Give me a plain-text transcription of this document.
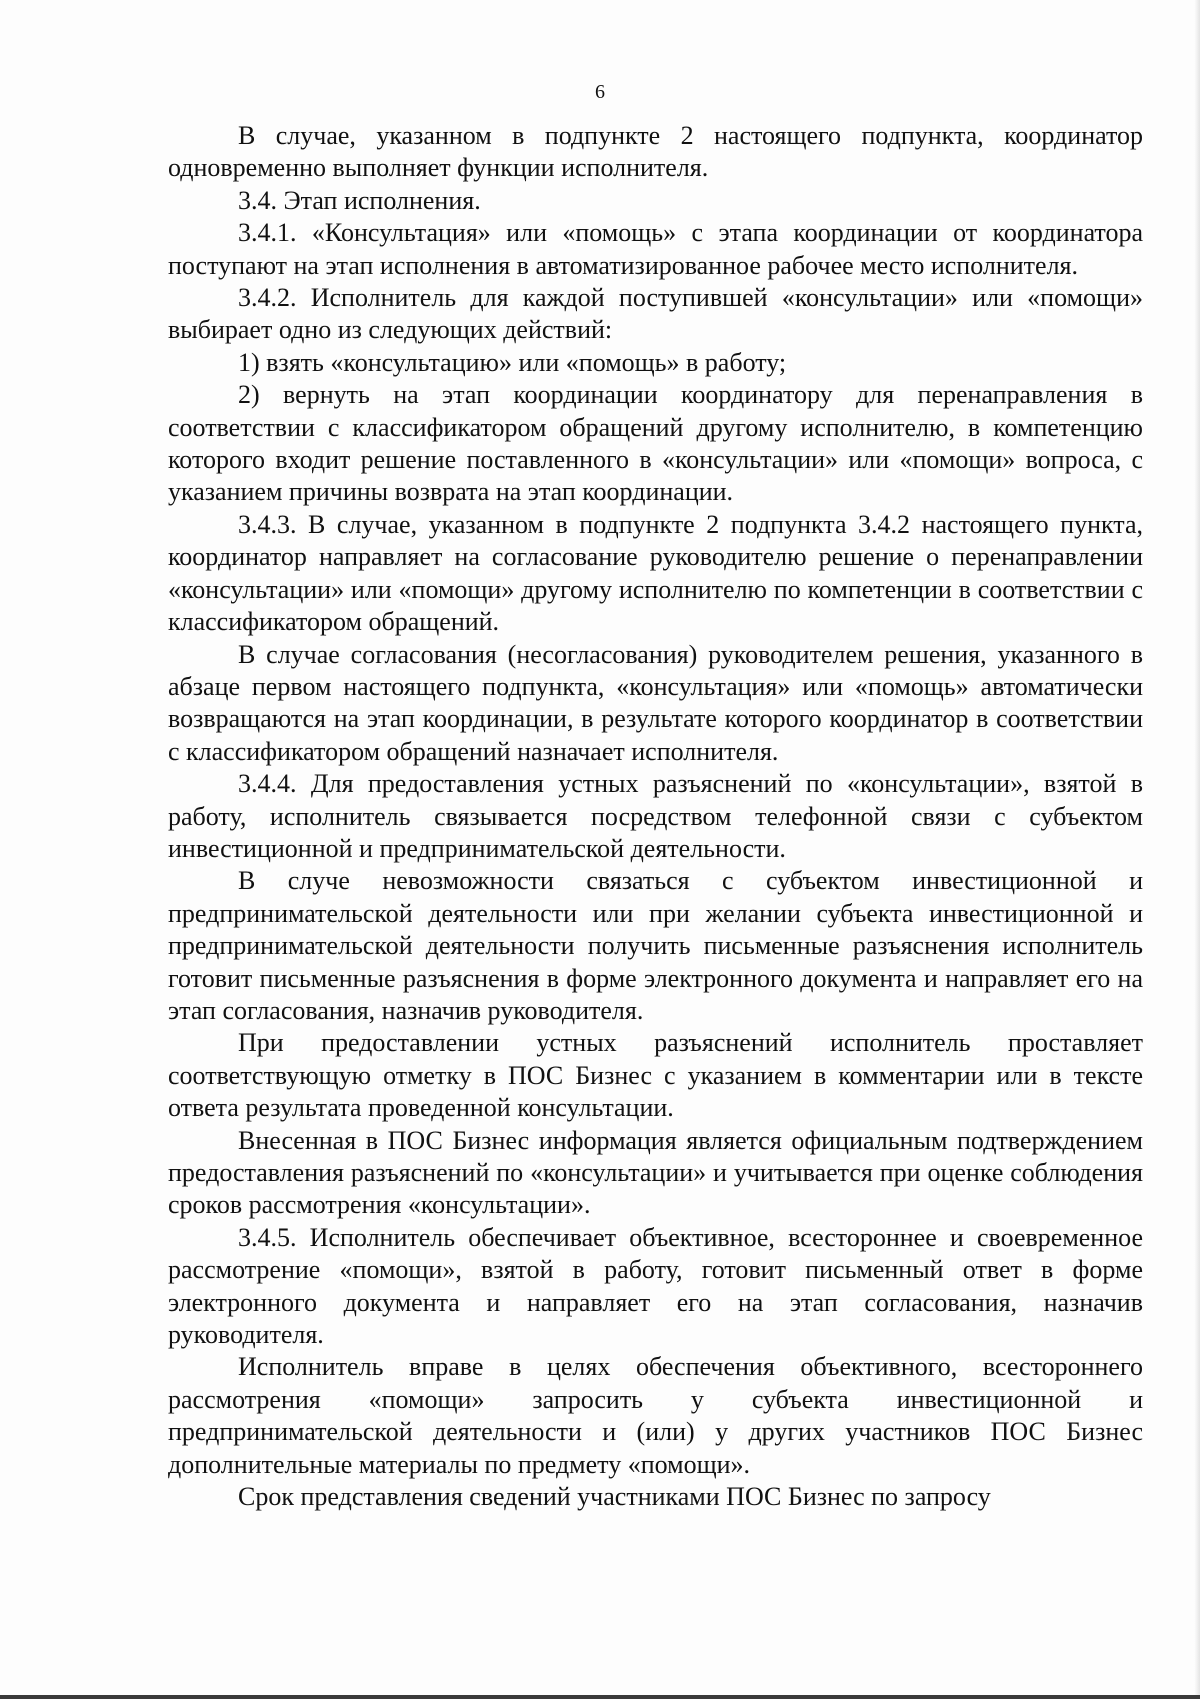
6

В случае, указанном в подпункте 2 настоящего подпункта, координатор одновременно выполняет функции исполнителя.

3.4. Этап исполнения.

3.4.1. «Консультация» или «помощь» с этапа координации от координатора поступают на этап исполнения в автоматизированное рабочее место исполнителя.

3.4.2. Исполнитель для каждой поступившей «консультации» или «помощи» выбирает одно из следующих действий:

1) взять «консультацию» или «помощь» в работу;

2) вернуть на этап координации координатору для перенаправления в соответствии с классификатором обращений другому исполнителю, в компетенцию которого входит решение поставленного в «консультации» или «помощи» вопроса, с указанием причины возврата на этап координации.

3.4.3. В случае, указанном в подпункте 2 подпункта 3.4.2 настоящего пункта, координатор направляет на согласование руководителю решение о перенаправлении «консультации» или «помощи» другому исполнителю по компетенции в соответствии с классификатором обращений.

В случае согласования (несогласования) руководителем решения, указанного в абзаце первом настоящего подпункта, «консультация» или «помощь» автоматически возвращаются на этап координации, в результате которого координатор в соответствии с классификатором обращений назначает исполнителя.

3.4.4. Для предоставления устных разъяснений по «консультации», взятой в работу, исполнитель связывается посредством телефонной связи с субъектом инвестиционной и предпринимательской деятельности.

В случе невозможности связаться с субъектом инвестиционной и предпринимательской деятельности или при желании субъекта инвестиционной и предпринимательской деятельности получить письменные разъяснения исполнитель готовит письменные разъяснения в форме электронного документа и направляет его на этап согласования, назначив руководителя.

При предоставлении устных разъяснений исполнитель проставляет соответствующую отметку в ПОС Бизнес с указанием в комментарии или в тексте ответа результата проведенной консультации.

Внесенная в ПОС Бизнес информация является официальным подтверждением предоставления разъяснений по «консультации» и учитывается при оценке соблюдения сроков рассмотрения «консультации».

3.4.5. Исполнитель обеспечивает объективное, всестороннее и своевременное рассмотрение «помощи», взятой в работу, готовит письменный ответ в форме электронного документа и направляет его на этап согласования, назначив руководителя.

Исполнитель вправе в целях обеспечения объективного, всестороннего рассмотрения «помощи» запросить у субъекта инвестиционной и предпринимательской деятельности и (или) у других участников ПОС Бизнес дополнительные материалы по предмету «помощи».

Срок представления сведений участниками ПОС Бизнес по запросу
